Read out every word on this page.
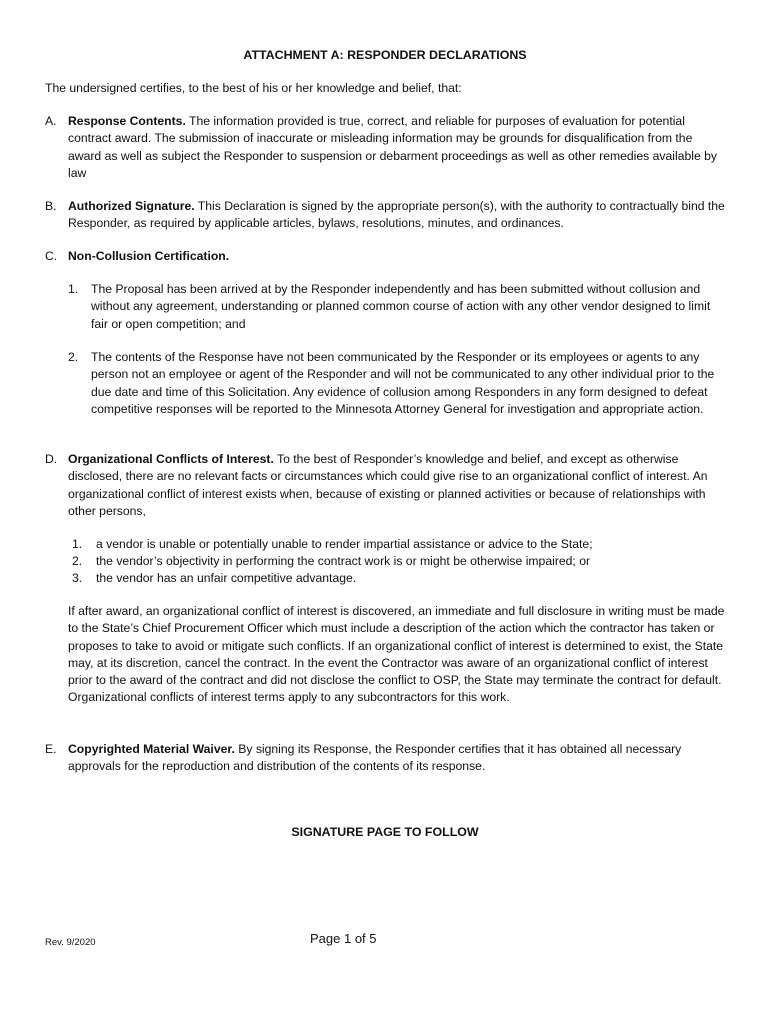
ATTACHMENT A: RESPONDER DECLARATIONS
The undersigned certifies, to the best of his or her knowledge and belief, that:
A. Response Contents. The information provided is true, correct, and reliable for purposes of evaluation for potential contract award. The submission of inaccurate or misleading information may be grounds for disqualification from the award as well as subject the Responder to suspension or debarment proceedings as well as other remedies available by law
B. Authorized Signature. This Declaration is signed by the appropriate person(s), with the authority to contractually bind the Responder, as required by applicable articles, bylaws, resolutions, minutes, and ordinances.
C. Non-Collusion Certification.
1.	The Proposal has been arrived at by the Responder independently and has been submitted without collusion and without any agreement, understanding or planned common course of action with any other vendor designed to limit fair or open competition; and
2.	The contents of the Response have not been communicated by the Responder or its employees or agents to any person not an employee or agent of the Responder and will not be communicated to any other individual prior to the due date and time of this Solicitation. Any evidence of collusion among Responders in any form designed to defeat competitive responses will be reported to the Minnesota Attorney General for investigation and appropriate action.
D. Organizational Conflicts of Interest. To the best of Responder’s knowledge and belief, and except as otherwise disclosed, there are no relevant facts or circumstances which could give rise to an organizational conflict of interest. An organizational conflict of interest exists when, because of existing or planned activities or because of relationships with other persons,
1.	a vendor is unable or potentially unable to render impartial assistance or advice to the State;
2.	the vendor’s objectivity in performing the contract work is or might be otherwise impaired; or
3.	the vendor has an unfair competitive advantage.
If after award, an organizational conflict of interest is discovered, an immediate and full disclosure in writing must be made to the State’s Chief Procurement Officer which must include a description of the action which the contractor has taken or proposes to take to avoid or mitigate such conflicts. If an organizational conflict of interest is determined to exist, the State may, at its discretion, cancel the contract. In the event the Contractor was aware of an organizational conflict of interest prior to the award of the contract and did not disclose the conflict to OSP, the State may terminate the contract for default. Organizational conflicts of interest terms apply to any subcontractors for this work.
E. Copyrighted Material Waiver. By signing its Response, the Responder certifies that it has obtained all necessary approvals for the reproduction and distribution of the contents of its response.
SIGNATURE PAGE TO FOLLOW
Rev. 9/2020	Page 1 of 5
